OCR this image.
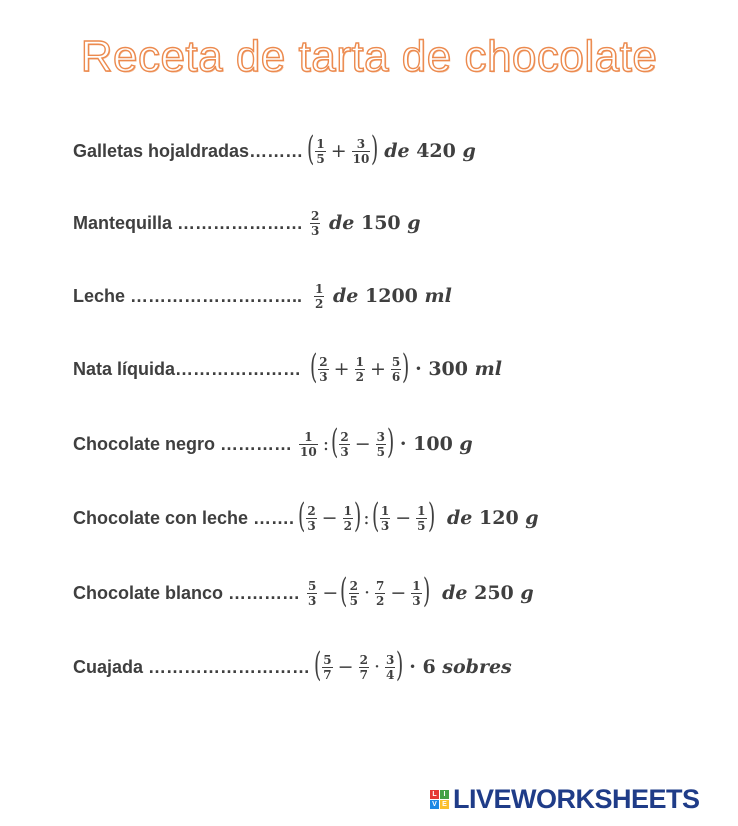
Receta de tarta de chocolate
Galletas hojaldradas………
( $\frac{1}{5} + \frac{3}{10}$ )
de 420 g
Mantequilla ………………… $\frac{2}{3}$ de 150 g
Leche ……………………….. $\frac{1}{2}$ de 1200 ml
Nata líquida…………………
( $\frac{2}{3} + \frac{1}{2} + \frac{5}{6}$ )
· 300 ml
Chocolate negro ………… $\frac{1}{10}$ : ( $\frac{2}{3} - \frac{3}{5}$ )
· 100 g
Chocolate con leche …….
( $\frac{2}{3} - \frac{1}{2}$ ) : ( $\frac{1}{3} - \frac{1}{5}$ )
de 120 g
Chocolate blanco ………… $\frac{5}{3}$ − ( $\frac{2}{5} \cdot \frac{7}{2} - \frac{1}{3}$ )
de 250 g
Cuajada ………………………
( $\frac{5}{7} - \frac{2}{7} \cdot \frac{3}{4}$ )
· 6 sobres
L I
V E LIVEWORKSHEETS
